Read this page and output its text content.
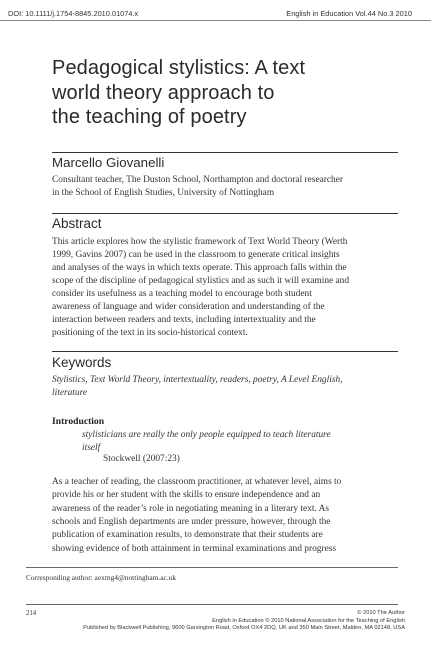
DOI: 10.1111/j.1754-8845.2010.01074.x	English in Education Vol.44 No.3 2010
Pedagogical stylistics: A text
world theory approach to
the teaching of poetry
Marcello Giovanelli
Consultant teacher, The Duston School, Northampton and doctoral researcher
in the School of English Studies, University of Nottingham
Abstract
This article explores how the stylistic framework of Text World Theory (Werth
1999, Gavins 2007) can be used in the classroom to generate critical insights
and analyses of the ways in which texts operate. This approach falls within the
scope of the discipline of pedagogical stylistics and as such it will examine and
consider its usefulness as a teaching model to encourage both student
awareness of language and wider consideration and understanding of the
interaction between readers and texts, including intertextuality and the
positioning of the text in its socio-historical context.
Keywords
Stylistics, Text World Theory, intertextuality, readers, poetry, A Level English,
literature
Introduction
stylisticians are really the only people equipped to teach literature
itself
Stockwell (2007:23)
As a teacher of reading, the classroom practitioner, at whatever level, aims to
provide his or her student with the skills to ensure independence and an
awareness of the reader’s role in negotiating meaning in a literary text. As
schools and English departments are under pressure, however, through the
publication of examination results, to demonstrate that their students are
showing evidence of both attainment in terminal examinations and progress
Corresponding author: aexmg4@nottingham.ac.uk
214	© 2010 The Author
English in Education © 2010 National Association for the Teaching of English
Published by Blackwell Publishing, 9600 Garsington Road, Oxford OX4 2DQ, UK and 350 Main Street, Malden, MA 02148, USA
